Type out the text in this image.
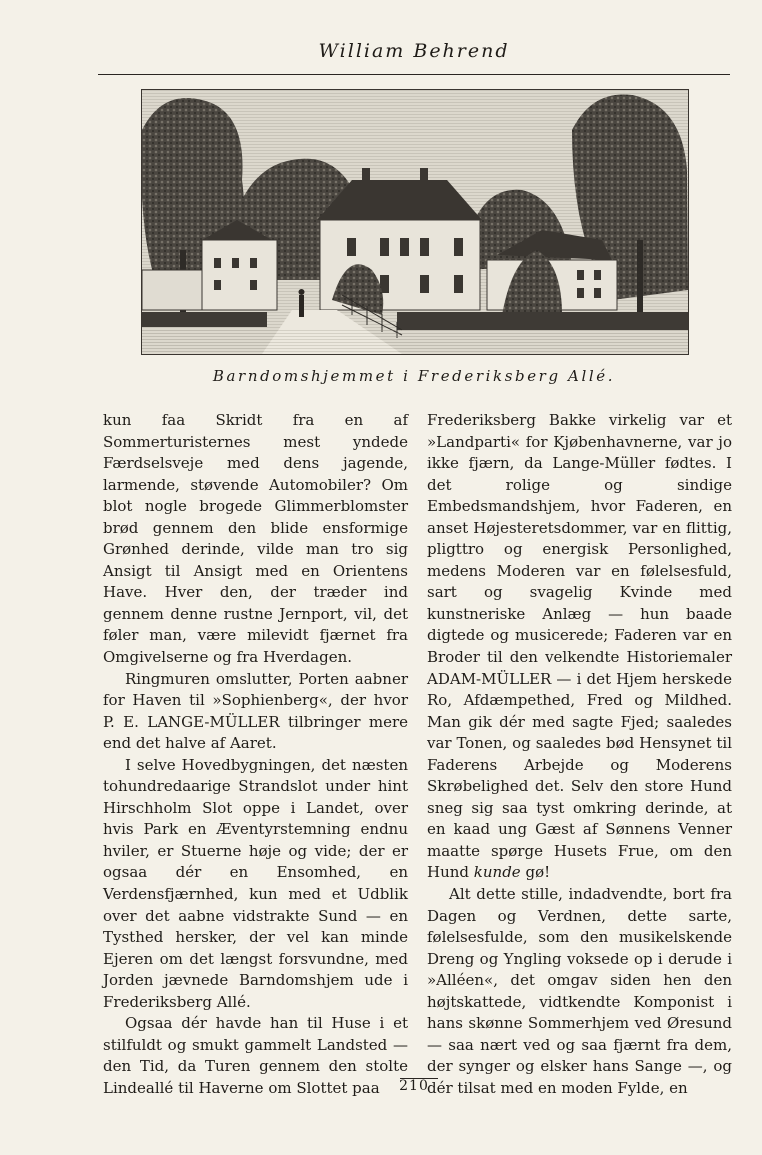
William Behrend
Barndomshjemmet i Frederiksberg Allé.

kun faa Skridt fra en af Sommerturisternes mest yndede Færdselsveje med dens jagende, larmende, støvende Automobiler? Om blot nogle brogede Glimmerblomster brød gennem den blide ensformige Grønhed derinde, vilde man tro sig Ansigt til Ansigt med en Orientens Have. Hver den, der træder ind gennem denne rustne Jernport, vil, det føler man, være milevidt fjærnet fra Omgivelserne og fra Hverdagen.

Ringmuren omslutter, Porten aabner for Haven til »Sophienberg«, der hvor P. E. LANGE-MÜLLER tilbringer mere end det halve af Aaret.

I selve Hovedbygningen, det næsten tohundredaarige Strandslot under hint Hirschholm Slot oppe i Landet, over hvis Park en Æventyrstemning endnu hviler, er Stuerne høje og vide; der er ogsaa dér en Ensomhed, en Verdensfjærnhed, kun med et Udblik over det aabne vidstrakte Sund — en Tysthed hersker, der vel kan minde Ejeren om det længst forsvundne, med Jorden jævnede Barndomshjem ude i Frederiksberg Allé.

Ogsaa dér havde han til Huse i et stilfuldt og smukt gammelt Landsted — den Tid, da Turen gennem den stolte Lindeallé til Haverne om Slottet paa

Frederiksberg Bakke virkelig var et »Landparti« for Kjøbenhavnerne, var jo ikke fjærn, da Lange-Müller fødtes. I det rolige og sindige Embedsmandshjem, hvor Faderen, en anset Højesteretsdommer, var en flittig, pligttro og energisk Personlighed, medens Moderen var en følelsesfuld, sart og svagelig Kvinde med kunstneriske Anlæg — hun baade digtede og musicerede; Faderen var en Broder til den velkendte Historiemaler ADAM-MÜLLER — i det Hjem herskede Ro, Afdæmpethed, Fred og Mildhed. Man gik dér med sagte Fjed; saaledes var Tonen, og saaledes bød Hensynet til Faderens Arbejde og Moderens Skrøbelighed det. Selv den store Hund sneg sig saa tyst omkring derinde, at en kaad ung Gæst af Sønnens Venner maatte spørge Husets Frue, om den Hund kunde gø!

Alt dette stille, indadvendte, bort fra Dagen og Verdnen, dette sarte, følelsesfulde, som den musikelskende Dreng og Yngling voksede op i derude i »Alléen«, det omgav siden hen den højtskattede, vidtkendte Komponist i hans skønne Sommerhjem ved Øresund — saa nært ved og saa fjærnt fra dem, der synger og elsker hans Sange —, og dér tilsat med en moden Fylde, en

210
